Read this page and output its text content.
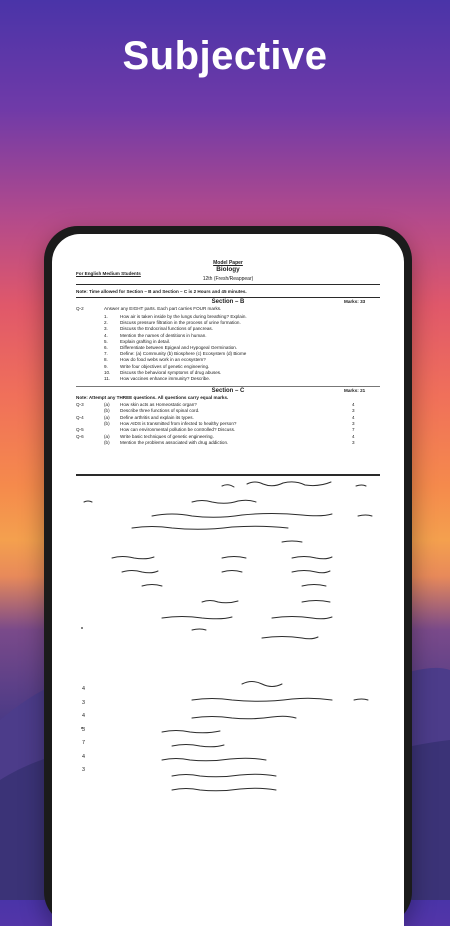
Subjective
Model Paper
Biology
For English Medium Students
12th (Fresh/Reappear)
Note: Time allowed for Section – B and Section – C is 2 Hours and 45 minutes.
Section – B	Marks: 33
Q-2	Answer any EIGHT parts. Each part carries FOUR marks.
1.	How air is taken inside by the lungs during breathing? Explain.
2.	Discuss pressure filtration in the process of urine formation.
3.	Discuss the Endocrinal functions of pancreas.
4.	Mention the names of dentitions in human.
5.	Explain grafting in detail.
6.	Differentiate between Epigeal and Hypogeal Germination.
7.	Define: (a) Community (b) Biosphere (c) Ecosystem (d) Biome
8.	How do food webs work in an ecosystem?
9.	Write four objectives of genetic engineering.
10. Discuss the behavioral symptoms of drug abuses.
11. How vaccines enhance immunity? Describe.
Section – C	Marks: 21
Note: Attempt any THREE questions. All questions carry equal marks.
Q-3	(a) How skin acts as Homeostatic organ?	4
(b) Describe three functions of spinal cord.	3
Q-4	(a) Define arthritis and explain its types.	4
(b) How AIDS is transmitted from infected to healthy person?	3
Q-5	How can environmental pollution be controlled? Discuss.	7
Q-6	(a) Write basic techniques of genetic engineering.	4
(b) Mention the problems associated with drug addiction.	3
4
3
4
3
7
4
3
